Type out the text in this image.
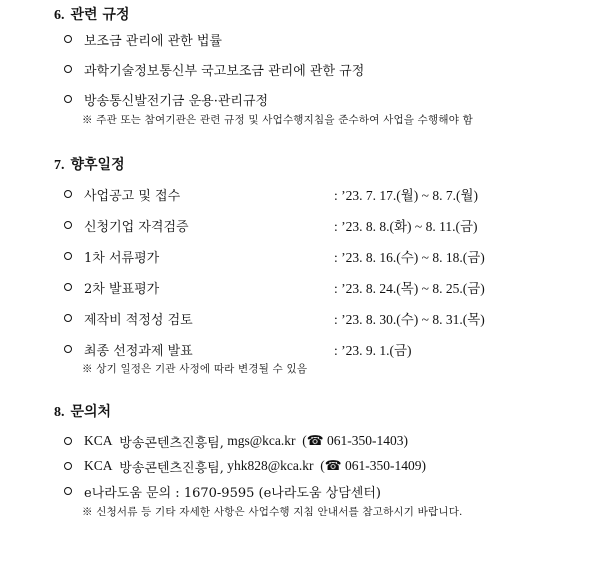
6. 관련 규정
보조금 관리에 관한 법률
과학기술정보통신부 국고보조금 관리에 관한 규정
방송통신발전기금 운용·관리규정
※ 주관 또는 참여기관은 관련 규정 및 사업수행지침을 준수하여 사업을 수행해야 함
7. 향후일정
사업공고 및 접수	: ’23. 7. 17.(월) ~ 8. 7.(월)
신청기업 자격검증	: ’23. 8. 8.(화) ~ 8. 11.(금)
1차 서류평가	: ’23. 8. 16.(수) ~ 8. 18.(금)
2차 발표평가	: ’23. 8. 24.(목) ~ 8. 25.(금)
제작비 적정성 검토	: ’23. 8. 30.(수) ~ 8. 31.(목)
최종 선정과제 발표	: ’23. 9. 1.(금)
※ 상기 일정은 기관 사정에 따라 변경될 수 있음
8. 문의처
KCA
방송콘텐츠진흥팀,
mgs@kca.kr
(☎ 061-350-1403)
KCA
방송콘텐츠진흥팀,
yhk828@kca.kr
(☎ 061-350-1409)
e나라도움 문의 : 1670-9595 (e나라도움 상담센터)
※ 신청서류 등 기타 자세한 사항은 사업수행 지침 안내서를 참고하시기 바랍니다.
